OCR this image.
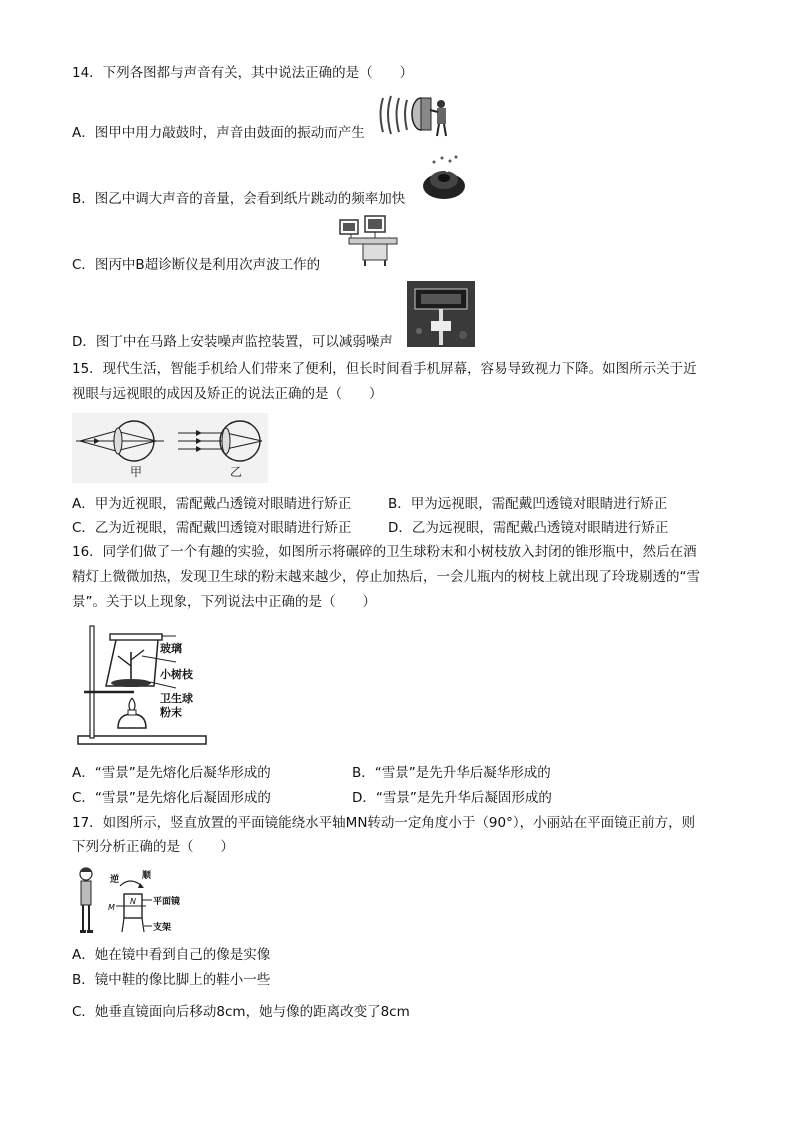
14．下列各图都与声音有关，其中说法正确的是（　　）
A．图甲中用力敲鼓时，声音由鼓面的振动而产生
B．图乙中调大声音的音量，会看到纸片跳动的频率加快
C．图丙中B超诊断仪是利用次声波工作的
D．图丁中在马路上安装噪声监控装置，可以减弱噪声
15．现代生活，智能手机给人们带来了便利，但长时间看手机屏幕，容易导致视力下降。如图所示关于近
视眼与远视眼的成因及矫正的说法正确的是（　　）
甲	乙
A．甲为近视眼，需配戴凸透镜对眼睛进行矫正	B．甲为远视眼，需配戴凹透镜对眼睛进行矫正
C．乙为近视眼，需配戴凹透镜对眼睛进行矫正	D．乙为远视眼，需配戴凸透镜对眼睛进行矫正
16．同学们做了一个有趣的实验，如图所示将碾碎的卫生球粉末和小树枝放入封闭的锥形瓶中，然后在酒
精灯上微微加热，发现卫生球的粉末越来越少，停止加热后，一会儿瓶内的树枝上就出现了玲珑剔透的“雪
景”。关于以上现象，下列说法中正确的是（　　）
玻璃
小树枝
卫生球
粉末
A．“雪景”是先熔化后凝华形成的	B．“雪景”是先升华后凝华形成的
C．“雪景”是先熔化后凝固形成的	D．“雪景”是先升华后凝固形成的
17．如图所示，竖直放置的平面镜能绕水平轴MN转动一定角度小于（90°），小丽站在平面镜正前方，则
下列分析正确的是（　　）
逆	顺
M
N 平面镜
支架
A．她在镜中看到自己的像是实像
B．镜中鞋的像比脚上的鞋小一些
C．她垂直镜面向后移动8cm，她与像的距离改变了8cm
